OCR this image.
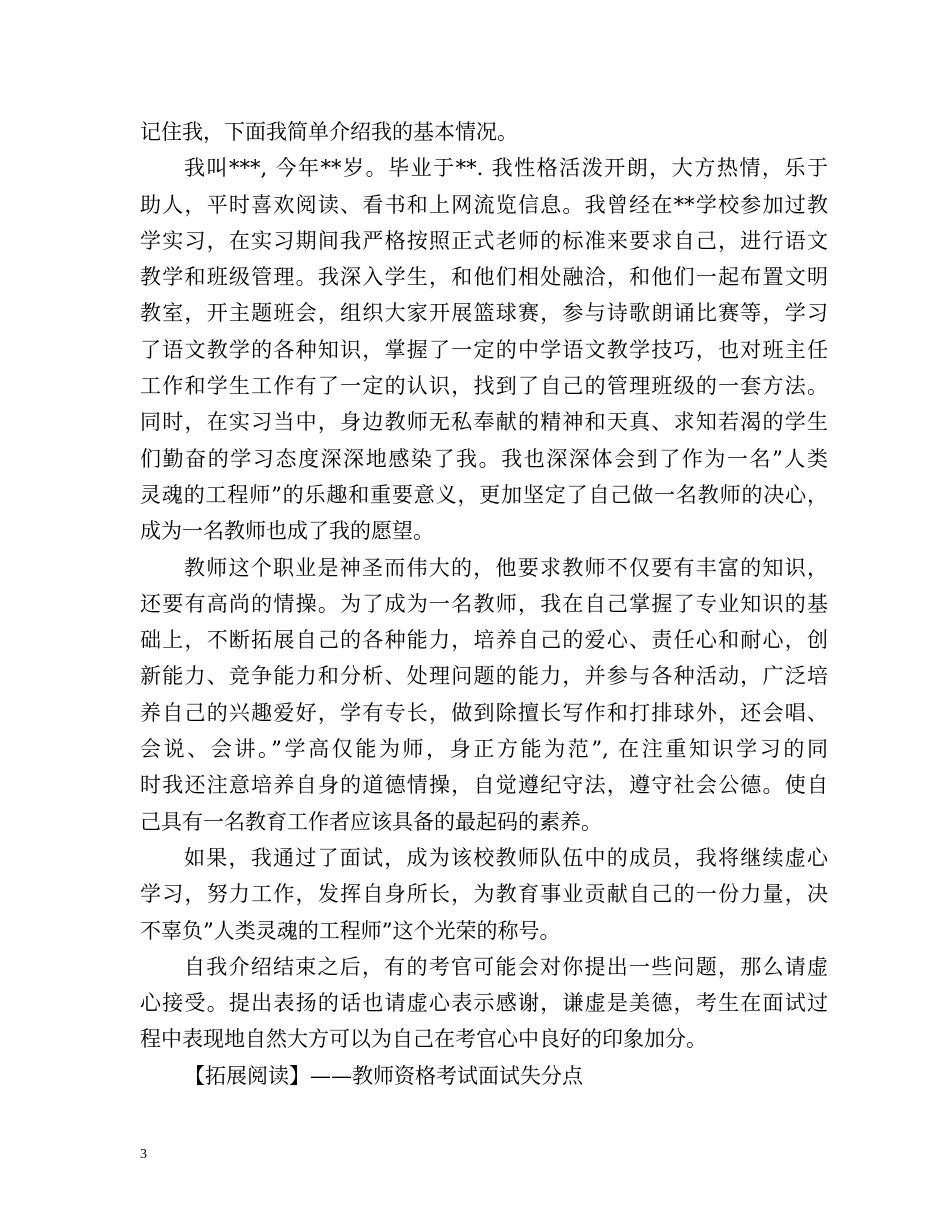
记住我，下面我简单介绍我的基本情况。
我叫***, 今年**岁。毕业于**. 我性格活泼开朗，大方热情，乐于
助人，平时喜欢阅读、看书和上网流览信息。我曾经在**学校参加过教
学实习，在实习期间我严格按照正式老师的标准来要求自己，进行语文
教学和班级管理。我深入学生，和他们相处融洽，和他们一起布置文明
教室，开主题班会，组织大家开展篮球赛，参与诗歌朗诵比赛等，学习
了语文教学的各种知识，掌握了一定的中学语文教学技巧，也对班主任
工作和学生工作有了一定的认识，找到了自己的管理班级的一套方法。
同时，在实习当中，身边教师无私奉献的精神和天真、求知若渴的学生
们勤奋的学习态度深深地感染了我。我也深深体会到了作为一名”人类
灵魂的工程师”的乐趣和重要意义，更加坚定了自己做一名教师的决心，
成为一名教师也成了我的愿望。
教师这个职业是神圣而伟大的，他要求教师不仅要有丰富的知识，
还要有高尚的情操。为了成为一名教师，我在自己掌握了专业知识的基
础上，不断拓展自己的各种能力，培养自己的爱心、责任心和耐心，创
新能力、竞争能力和分析、处理问题的能力，并参与各种活动，广泛培
养自己的兴趣爱好，学有专长，做到除擅长写作和打排球外，还会唱、
会说、会讲。”学高仅能为师，身正方能为范”, 在注重知识学习的同
时我还注意培养自身的道德情操，自觉遵纪守法，遵守社会公德。使自
己具有一名教育工作者应该具备的最起码的素养。
如果，我通过了面试，成为该校教师队伍中的成员，我将继续虚心
学习，努力工作，发挥自身所长，为教育事业贡献自己的一份力量，决
不辜负”人类灵魂的工程师”这个光荣的称号。
自我介绍结束之后，有的考官可能会对你提出一些问题，那么请虚
心接受。提出表扬的话也请虚心表示感谢，谦虚是美德，考生在面试过
程中表现地自然大方可以为自己在考官心中良好的印象加分。
【拓展阅读】——教师资格考试面试失分点
3
